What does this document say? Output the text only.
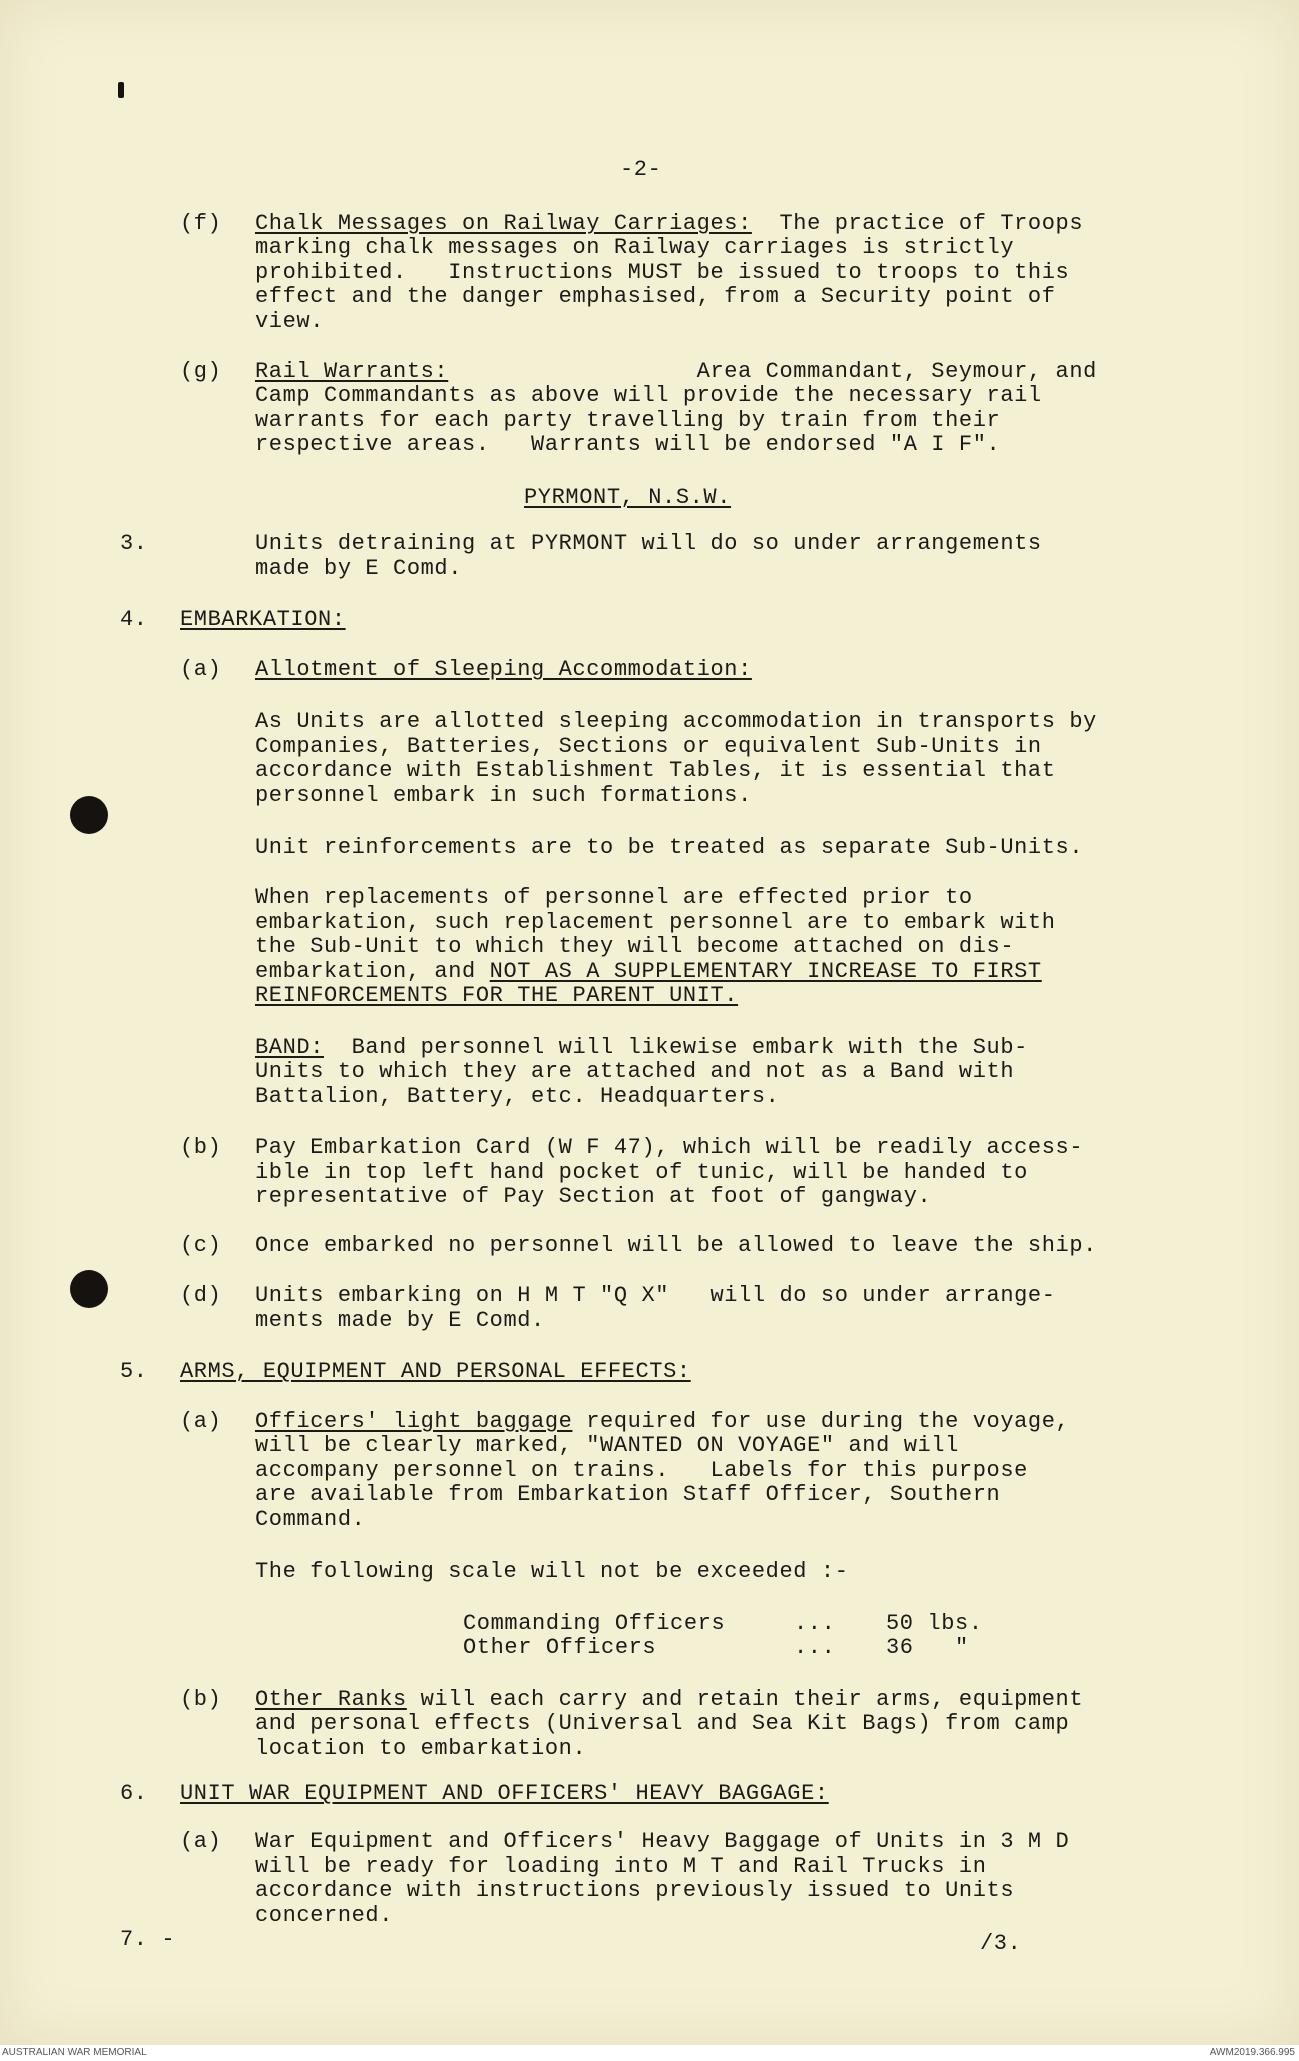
-2-
(f) Chalk Messages on Railway Carriages:  The practice of Troops
marking chalk messages on Railway carriages is strictly
prohibited.   Instructions MUST be issued to troops to this
effect and the danger emphasised, from a Security point of
view.
(g) Rail Warrants:                  Area Commandant, Seymour, and
Camp Commandants as above will provide the necessary rail
warrants for each party travelling by train from their
respective areas.   Warrants will be endorsed "A I F".
PYRMONT, N.S.W.
3.	Units detraining at PYRMONT will do so under arrangements
made by E Comd.
4. EMBARKATION:
(a) Allotment of Sleeping Accommodation:
As Units are allotted sleeping accommodation in transports by
Companies, Batteries, Sections or equivalent Sub-Units in
accordance with Establishment Tables, it is essential that
personnel embark in such formations.
Unit reinforcements are to be treated as separate Sub-Units.
When replacements of personnel are effected prior to
embarkation, such replacement personnel are to embark with
the Sub-Unit to which they will become attached on dis-
embarkation, and NOT AS A SUPPLEMENTARY INCREASE TO FIRST
REINFORCEMENTS FOR THE PARENT UNIT.
BAND:  Band personnel will likewise embark with the Sub-
Units to which they are attached and not as a Band with
Battalion, Battery, etc. Headquarters.
(b) Pay Embarkation Card (W F 47), which will be readily access-
ible in top left hand pocket of tunic, will be handed to
representative of Pay Section at foot of gangway.
(c) Once embarked no personnel will be allowed to leave the ship.
(d) Units embarking on H M T "Q X"   will do so under arrange-
ments made by E Comd.
5. ARMS, EQUIPMENT AND PERSONAL EFFECTS:
(a) Officers' light baggage required for use during the voyage,
will be clearly marked, "WANTED ON VOYAGE" and will
accompany personnel on trains.   Labels for this purpose
are available from Embarkation Staff Officer, Southern
Command.
The following scale will not be exceeded :-
Commanding Officers	... 50 lbs.
Other Officers	... 36   "
(b) Other Ranks will each carry and retain their arms, equipment
and personal effects (Universal and Sea Kit Bags) from camp
location to embarkation.
6. UNIT WAR EQUIPMENT AND OFFICERS' HEAVY BAGGAGE:
(a) War Equipment and Officers' Heavy Baggage of Units in 3 M D
will be ready for loading into M T and Rail Trucks in
accordance with instructions previously issued to Units
concerned.
7. -	/3.
AUSTRALIAN WAR MEMORIAL	AWM2019.366.995
